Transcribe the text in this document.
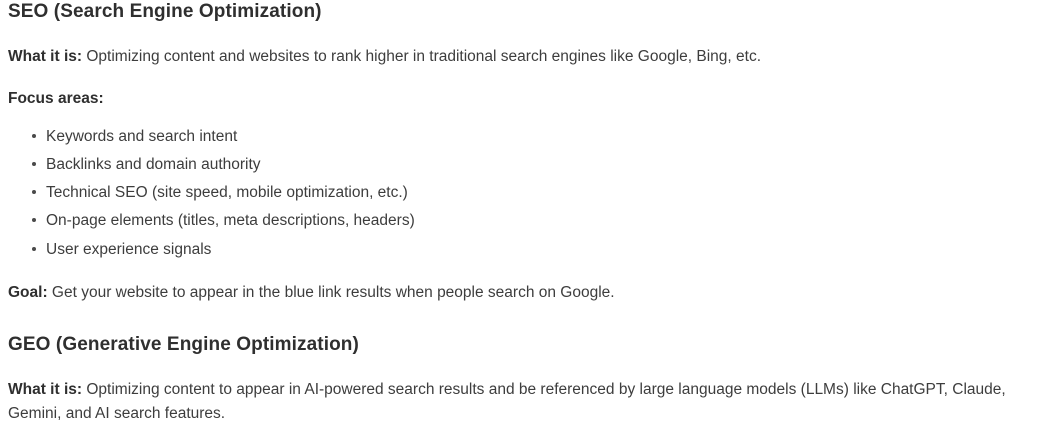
SEO (Search Engine Optimization)

What it is: Optimizing content and websites to rank higher in traditional search engines like Google, Bing, etc.

Focus areas:

Keywords and search intent
Backlinks and domain authority
Technical SEO (site speed, mobile optimization, etc.)
On-page elements (titles, meta descriptions, headers)
User experience signals

Goal: Get your website to appear in the blue link results when people search on Google.

GEO (Generative Engine Optimization)

What it is: Optimizing content to appear in AI-powered search results and be referenced by large language models (LLMs) like ChatGPT, Claude, Gemini, and AI search features.
